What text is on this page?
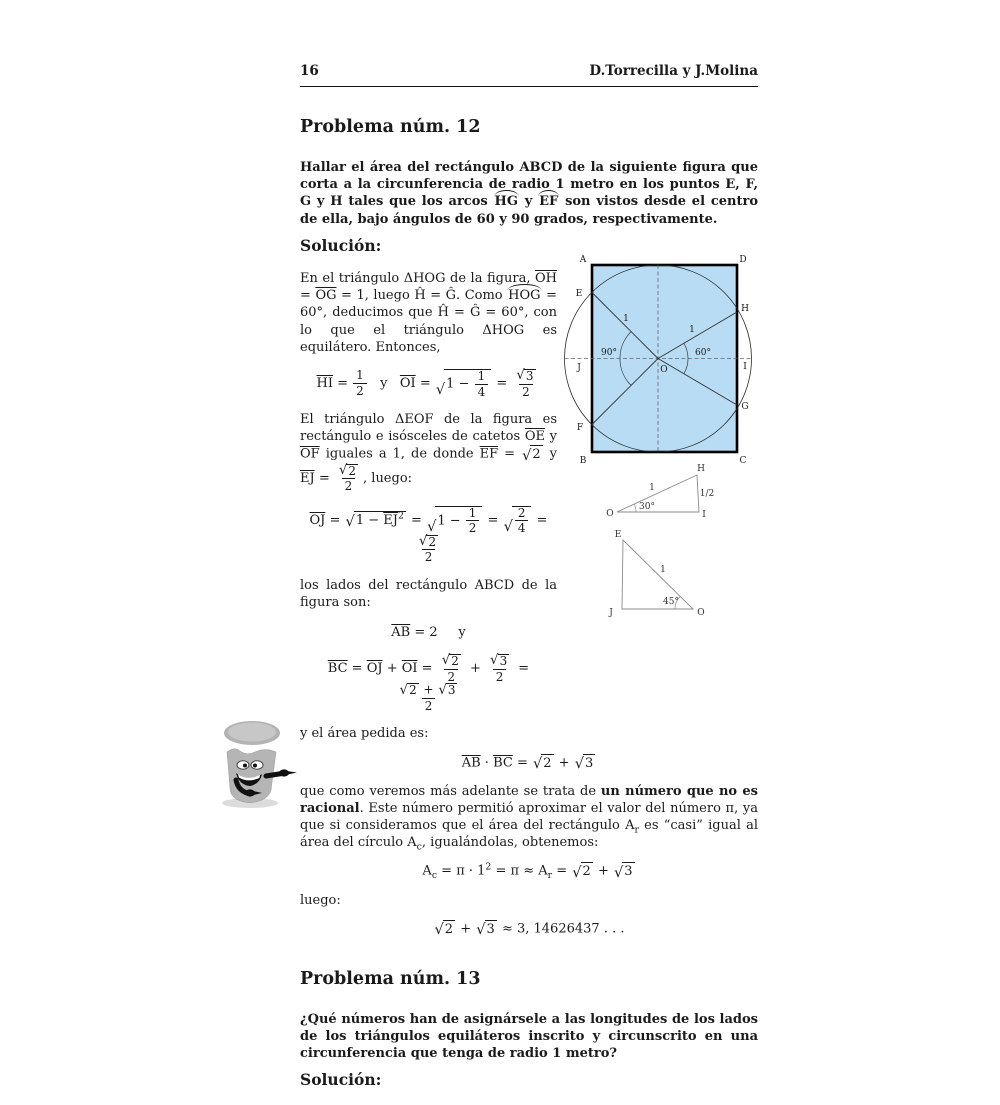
16	D.Torrecilla y J.Molina
Problema núm. 12

Hallar el área del rectángulo ABCD de la siguiente figura que corta a la circunferencia de radio 1 metro en los puntos E, F, G y H tales que los arcos HG y EF son vistos desde el centro de ella, bajo ángulos de 60 y 90 grados, respectivamente.

Solución:

En el triángulo ΔHOG de la figura, $\overline{OH} = \overline{OG} = 1$, luego Ĥ = Ĝ. Como HOG = 60°, deducimos que Ĥ = Ĝ = 60°, con lo que el triángulo ΔHOG es equilátero. Entonces,

$\overline{HI} = \frac{1}{2}$ y   $\overline{OI}$ = √ $1 - \frac{1}{4} = \frac{√ 3}{2}$

El triángulo ΔEOF de la figura es rectángulo e isósceles de catetos $\overline{OE}$ y $\overline{OF}$ iguales a 1, de donde $\overline{EF}$ = √ 2 y $\overline{EJ} = \frac{√ 2}{2}$ , luego:

$\overline{OJ}$ = √ $1 - \overline{EJ}^2$ = √ $1 - \frac{1}{2}$ = √ $\frac{2}{4}$ =
$\frac{√ 2}{2}$

los lados del rectángulo ABCD de la figura son:

$\overline{AB} = 2$     y
$\overline{BC} = \overline{OJ} + \overline{OI} = \frac{√ 2}{2} + \frac{√ 3}{2}$ =
$\frac{√ 2 + √ 3}{2}$

y el área pedida es:

$\overline{AB} \cdot \overline{BC}$ = √ 2 + √ 3

que como veremos más adelante se trata de un número que no es racional. Este número permitió aproximar el valor del número π, ya que si consideramos que el área del rectángulo $A_r$ es “casi” igual al área del círculo $A_c$, igualándolas, obtenemos:

$A_c = \pi \cdot 1^2 = \pi \approx A_r$ = √ 2 + √ 3

luego:

√ 2 + √ 3 ≈ 3, 14626437 . . .
Problema núm. 13

¿Qué números han de asignársele a las longitudes de los lados de los triángulos equiláteros inscrito y circunscrito en una circunferencia que tenga de radio 1 metro?

Solución:
A	D
B	C
E
F
H
G
J	I
O
90°	60°
1
1
O	I
H
1
1/2
30°
E
J	O
1
45°
